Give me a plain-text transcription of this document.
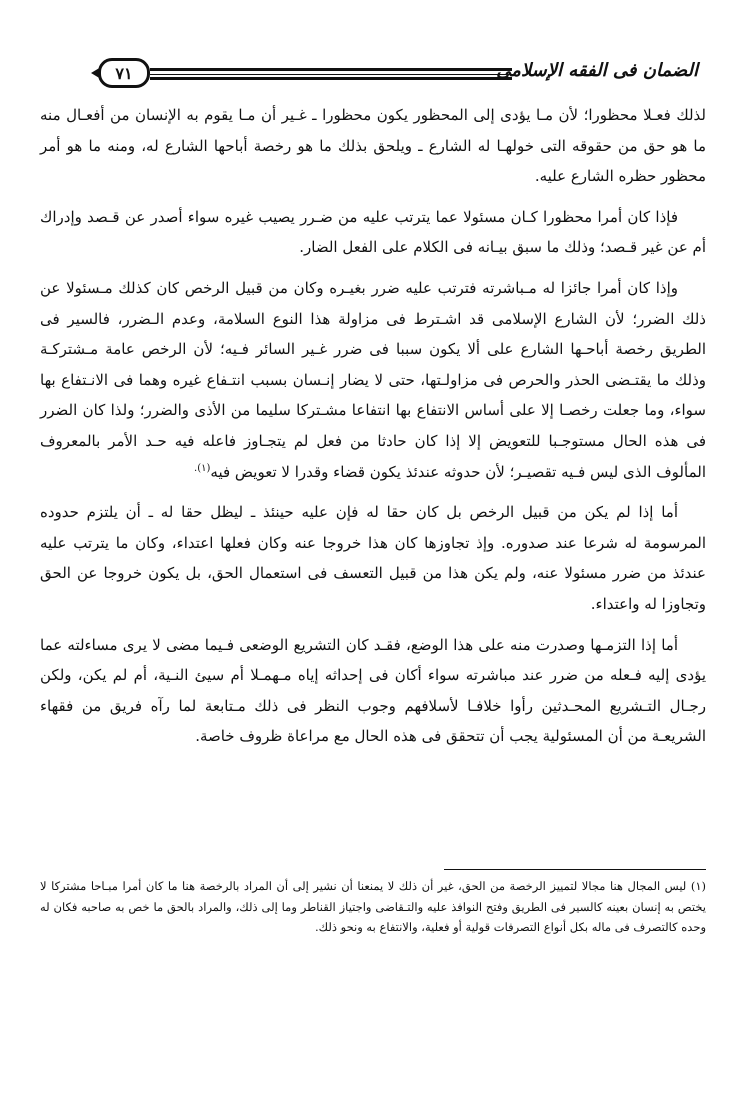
٧١	الضمان فى الفقه الإسلامى

لذلك فعـلا محظورا؛ لأن مـا يؤدى إلى المحظور يكون محظورا ـ غـير أن مـا يقوم به الإنسان من أفعـال منه ما هو حق من حقوقه التى خولهـا له الشارع ـ ويلحق بذلك ما هو رخصة أباحها الشارع له، ومنه ما هو أمر محظور حظره الشارع عليه.

فإذا كان أمرا محظورا كـان مسئولا عما يترتب عليه من ضـرر يصيب غيره سواء أصدر عن قـصد وإدراك أم عن غير قـصد؛ وذلك ما سبق بيـانه فى الكلام على الفعل الضار.

وإذا كان أمرا جائزا له مـباشرته فترتب عليه ضرر بغيـره وكان من قبيل الرخص كان كذلك مـسئولا عن ذلك الضرر؛ لأن الشارع الإسلامى قد اشـترط فى مزاولة هذا النوع السلامة، وعدم الـضرر، فالسير فى الطريق رخصة أباحـها الشارع على ألا يكون سببا فى ضرر غـير السائر فـيه؛ لأن الرخص عامة مـشتركـة وذلك ما يقتـضى الحذر والحرص فى مزاولـتها، حتى لا يضار إنـسان بسبب انتـفاع غيره وهما فى الانـتفاع بها سواء، وما جعلت رخصـا إلا على أساس الانتفاع بها انتفاعا مشـتركا سليما من الأذى والضرر؛ ولذا كان الضرر فى هذه الحال مستوجـبا للتعويض إلا إذا كان حادثا من فعل لم يتجـاوز فاعله فيه حـد الأمر بالمعروف المألوف الذى ليس فـيه تقصيـر؛ لأن حدوثه عندئذ يكون قضاء وقدرا لا تعويض فيه$^{(١).}$

أما إذا لم يكن من قبيل الرخص بل كان حقا له فإن عليه حينئذ ـ ليظل حقا له ـ أن يلتزم حدوده المرسومة له شرعا عند صدوره. وإذ تجاوزها كان هذا خروجا عنه وكان فعلها اعتداء، وكان ما يترتب عليه عندئذ من ضرر مسئولا عنه، ولم يكن هذا من قبيل التعسف فى استعمال الحق، بل يكون خروجا عن الحق وتجاوزا له واعتداء.

أما إذا التزمـها وصدرت منه على هذا الوضع، فقـد كان التشريع الوضعى فـيما مضى لا يرى مساءلته عما يؤدى إليه فـعله من ضرر عند مباشرته سواء أكان فى إحداثه إياه مـهمـلا أم سيئ النـية، أم لم يكن، ولكن رجـال التـشريع المحـدثين رأوا خلافـا لأسلافهم وجوب النظر فى ذلك مـتابعة لما رآه فريق من فقهاء الشريعـة من أن المسئولية يجب أن تتحقق فى هذه الحال مع مراعاة ظروف خاصة.

(١) ليس المجال هنا مجالا لتمييز الرخصة من الحق، غير أن ذلك لا يمنعنا أن نشير إلى أن المراد بالرخصة هنا ما كان أمرا مبـاحا مشتركا لا يختص به إنسان بعينه كالسير فى الطريق وفتح النوافذ عليه والتـقاضى واجتياز القناطر وما إلى ذلك، والمراد بالحق ما خص به صاحبه فكان له وحده كالتصرف فى ماله بكل أنواع التصرفات قولية أو فعلية، والانتفاع به ونحو ذلك.
